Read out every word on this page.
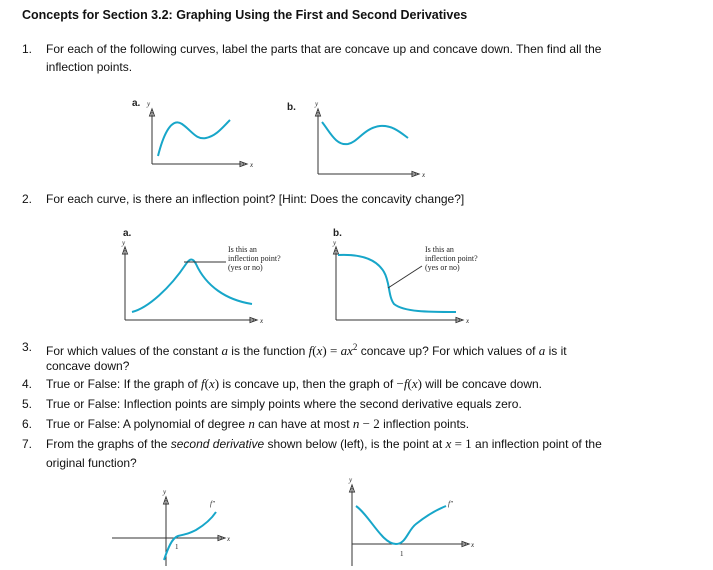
Concepts for Section 3.2: Graphing Using the First and Second Derivatives
1.	For each of the following curves, label the parts that are concave up and concave down. Then find all the
inflection points.
a. y
x
b.	y
x
2.	For each curve, is there an inflection point? [Hint: Does the concavity change?]
a.
y
x
Is this an
inflection point?
(yes or no)
b.
y
x
Is this an
inflection point?
(yes or no)
3.	For which values of the constant a is the function $f(x) = ax^2$ concave up? For which values of a is it
concave down?
4.	True or False: If the graph of f(x) is concave up, then the graph of −f(x) will be concave down.
5.	True or False: Inflection points are simply points where the second derivative equals zero.
6.	True or False: A polynomial of degree n can have at most n − 2 inflection points.
7.	From the graphs of the second derivative shown below (left), is the point at x = 1 an inflection point of the
original function?
y
x
1
f″
y
x
1
f″
